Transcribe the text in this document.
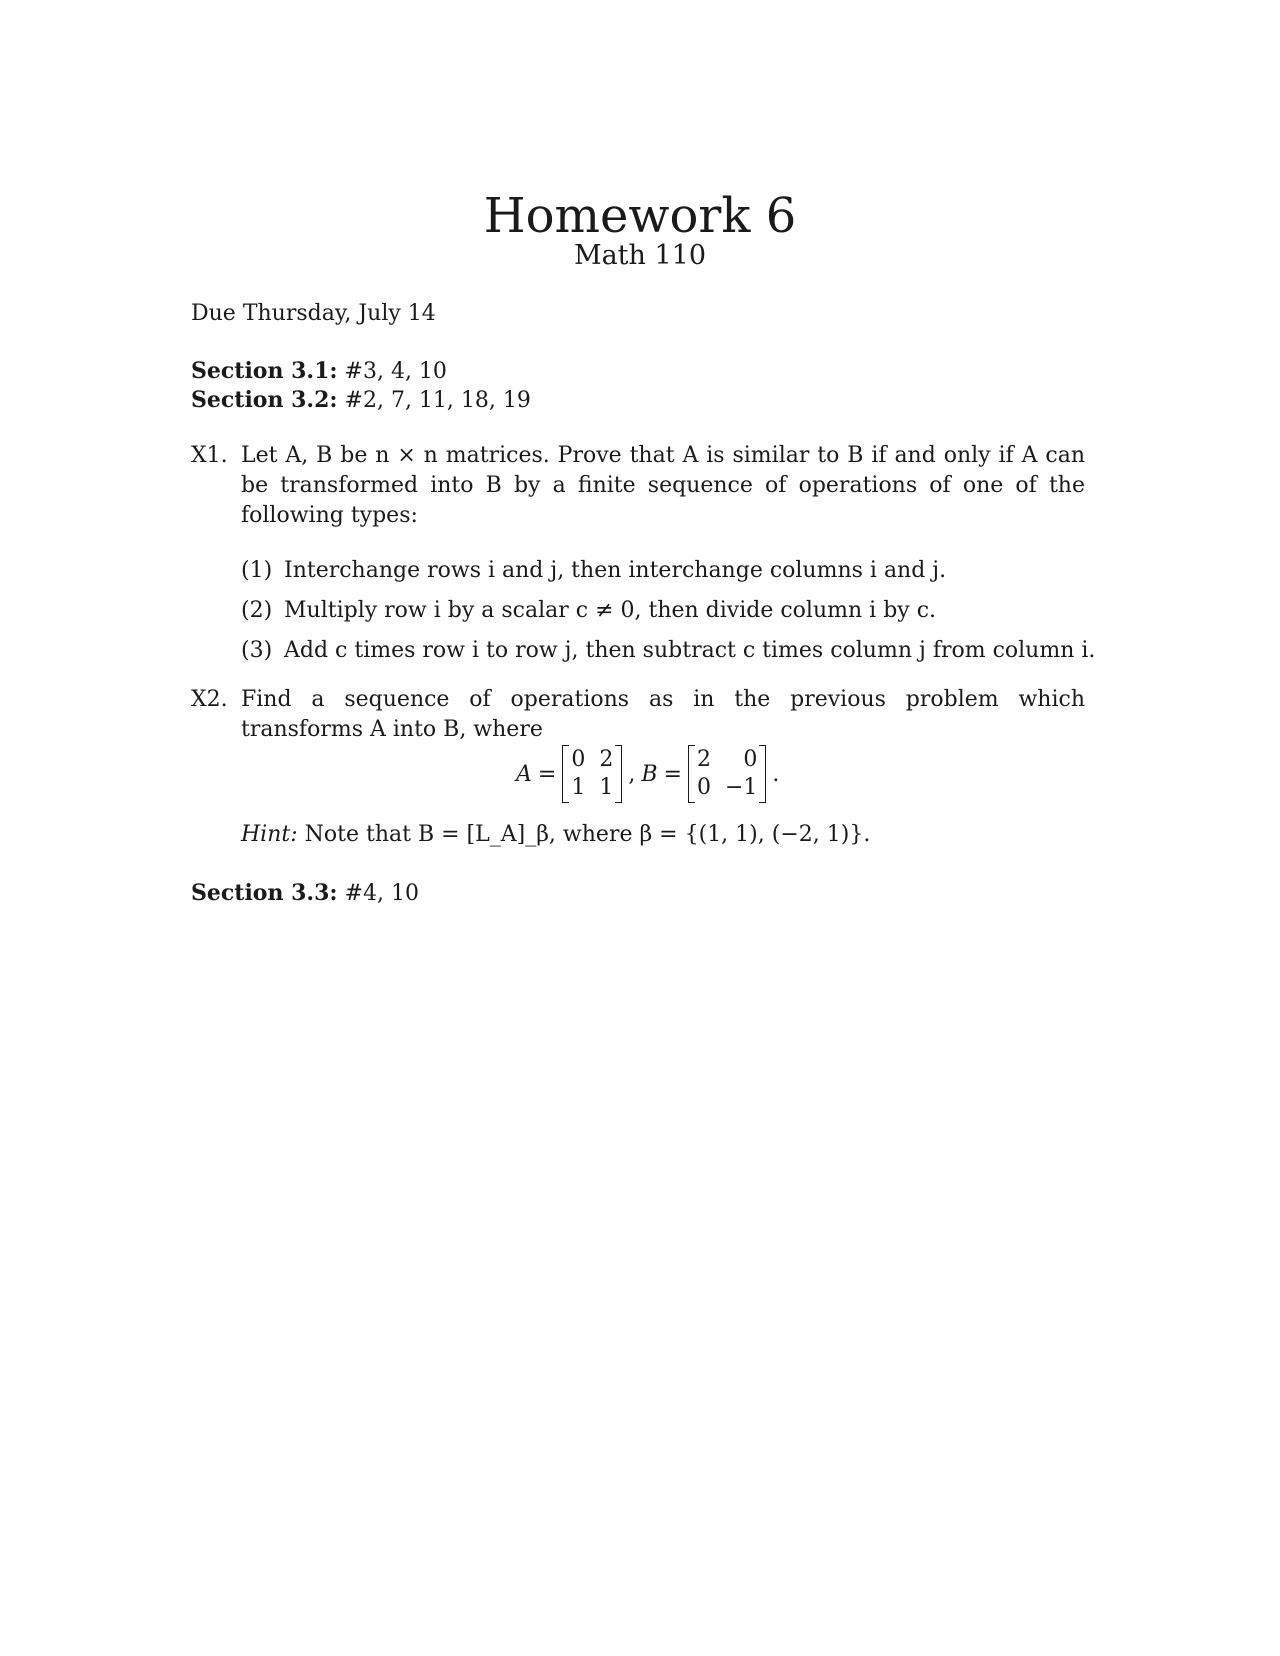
Homework 6
Math 110
Due Thursday, July 14
Section 3.1: #3, 4, 10
Section 3.2: #2, 7, 11, 18, 19
X1. Let A, B be n × n matrices. Prove that A is similar to B if and only if A can be transformed into B by a finite sequence of operations of one of the following types:
(1) Interchange rows i and j, then interchange columns i and j.
(2) Multiply row i by a scalar c ≠ 0, then divide column i by c.
(3) Add c times row i to row j, then subtract c times column j from column i.
X2. Find a sequence of operations as in the previous problem which transforms A into B, where
A =
0 2
1 1
, B =
2	0
0 −1
.
Hint: Note that B = [L_A]_β, where β = {(1, 1), (−2, 1)}.
Section 3.3: #4, 10
